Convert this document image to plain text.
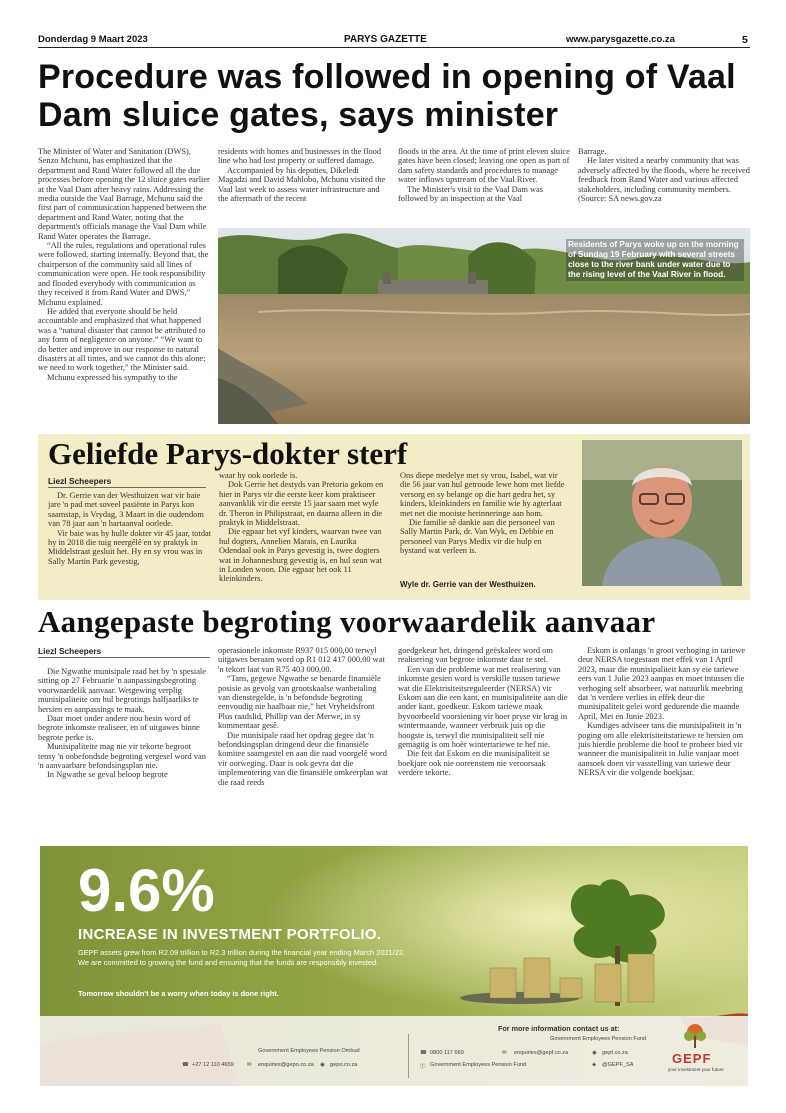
Donderdag 9 Maart 2023	PARYS GAZETTE	www.parysgazette.co.za	5
Procedure was followed in opening of Vaal Dam sluice gates, says minister

The Minister of Water and Sanitation (DWS), Senzo Mchunu, has emphasized that the department and Rand Water followed all the due processes before opening the 12 sluice gates earlier at the Vaal Dam after heavy rains. Addressing the media outside the Vaal Barrage, Mchunu said the first part of communication happened between the department and Rand Water, noting that the department's officials manage the Vaal Dam while Rand Water operates the Barrage.

“All the rules, regulations and operational rules were followed, starting internally. Beyond that, the chairperson of the community said all lines of communication were open. He took responsibility and flooded everybody with communication as they received it from Rand Water and DWS,” Mchunu explained.

He added that everyone should be held accountable and emphasized that what happened was a “natural disaster that cannot be attributed to any form of negligence on anyone.” “We want to do better and improve in our response to natural disasters at all times, and we cannot do this alone; we need to work together,” the Minister said.

Mchunu expressed his sympathy to the

residents with homes and businesses in the flood line who had lost property or suffered damage.

Accompanied by his deputies, Dikeledi Magadzi and David Mahlobo, Mchunu visited the Vaal last week to assess water infrastructure and the aftermath of the recent

floods in the area. At the time of print eleven sluice gates have been closed; leaving one open as part of dam safety standards and procedures to manage water inflows upstream of the Vaal River.

The Minister's visit to the Vaal Dam was followed by an inspection at the Vaal

Barrage.

He later visited a nearby community that was adversely affected by the floods, where he received feedback from Rand Water and various affected stakeholders, including community members. (Source: SA news.gov.za

Residents of Parys woke up on the morning of Sundag 19 February with several streets close to the river bank under water due to the rising level of the Vaal River in flood.
Geliefde Parys-dokter sterf
Liezl Scheepers

Dr. Gerrie van der Westhuizen wat vir baie jare 'n pad met soveel pasiënte in Parys kon saamstap, is Vrydag, 3 Maart in die oudendom van 78 jaar aan 'n hartaanval oorlede.

Vir baie was hy hulle dokter vir 45 jaar, totdat hy in 2018 die tuig neergêlê en sy praktyk in Middelstraat gesluit het. Hy en sy vrou was in Sally Martin Park gevestig,

waar hy ook oorlede is.

Dok Gerrie het destyds van Pretoria gekom en hier in Parys vir die eerste keer kom praktiseer aanvanklik vir die eerste 15 jaar saam met wyle dr. Theron in Philipstraat, en daarna alleen in die praktyk in Middelstraat.

Die egpaar het vyf kinders, waarvan twee van hul dogters, Annelien Marais, en Laurika Odendaal ook in Parys gevestig is, twee dogters wat in Johannesburg gevestig is, en hul seun wat in Londen woon. Die egpaar het ook 11 kleinkinders.

Ons diepe medelye met sy vrou, Isabel, wat vir die 56 jaar van hul getroude lewe hom met liefde versorg en sy belange op die hart gedra het, sy kinders, kleinkinders en familie wie hy agterlaat met net die mooiste herinneringe aan hom.

Die familie sê dankie aan die personeel van Sally Martin Park, dr. Van Wyk, en Debbie en personeel van Parys Medix vir die hulp en bystand wat verleen is.

Wyle dr. Gerrie van der Westhuizen.
Aangepaste begroting voorwaardelik aanvaar
Liezl Scheepers

Die Ngwathe munisipale raad het by 'n spesiale sitting op 27 Februarie 'n aanpassingsbegroting voorwaardelik aanvaar. Wetgewing verplig munisipaliteite om hul begrotings halfjaarliks te hersien en aanpassings te maak.

Daar moet onder andere nou besin word of begrote inkomste realiseer, en of uitgawes binne begrote perke is.

Munisipaliteite mag nie vir tekorte begroot tensy 'n onbefondsde begroting vergesel word van 'n aanvaarbare befondsingsplan nie.

In Ngwathe se geval beloop begrote

operasionele inkomste R937 015 000,00 terwyl uitgawes beraam word op R1 012 417 000,00 wat 'n tekort laat van R75 403 000,00.

“Tans, gegewe Ngwathe se benarde finansiële posisie as gevolg van grootskaalse wanbetaling van dienstegelde, is 'n befondsde begroting eenvoudig nie haalbaar nie,” het Vryheidsfront Plus raadslid, Phillip van der Merwe, in sy kommentaar gesê.

Die munisipale raad het opdrag gegee dat 'n befondsingsplan dringend deur die finansiële komitee saamgestel en aan die raad voorgelê word vir oorweging. Daar is ook gevra dat die implementering van die finansiële omkeerplan wat die raad reeds

goedgekeur het, dringend geëskaleer word om realisering van begrote inkomste daar te stel.

Een van die probleme wat met realisering van inkomste gesien word is verskille tussen tariewe wat die Elektrisiteitsreguleerder (NERSA) vir Eskom aan die een kant, en munisipaliteite aan die ander kant, goedkeur. Eskom tariewe maak byvoorbeeld voorsiening vir hoer pryse vir krag in wintermaande, wanneer verbruik juis op die hoogste is, terwyl die munisipaliteit self nie gemagtig is om hoër wintertariewe te hef nie.

Die feit dat Eskom en die munisipaliteit se boekjare ook nie ooreenstem nie veroorsaak verdere tekorte.

Eskom is onlangs 'n groot verhoging in tariewe deur NERSA toegestaan met effek van 1 April 2023, maar die munisipaliteit kan sy eie tariewe eers van 1 Julie 2023 aanpas en moet intussen die verhoging self absorbeer, wat natuurlik meebring dat 'n verdere verlies in effek deur die munisipaliteit gelei word gedurende die maande April, Mei en Junie 2023.

Kundiges adviseer tans die munisipaliteit in 'n poging om alle elektrisiteitstariewe te hersien om juis hierdie probleme die hoof te probeer bied vir wanneer die munisipaliteit in Julie vanjaar moet aansoek doen vir vasstelling van tariewe deur NERSA vir die volgende boekjaar.

9.6%
INCREASE IN INVESTMENT PORTFOLIO.
GEPF assets grew from R2.09 trillion to R2.3 trillion during the financial year ending March 2021/22. We are committed to growing the fund and ensuring that the funds are responsibly invested.
Tomorrow shouldn't be a worry when today is done right.
For more information contact us at:
Government Employees Pension Fund
Government Employees Pension Ombud
☎ +27 12 110 4659 ✉ enquiries@gepo.co.za ◉ gepo.co.za
☎ 0800 117 669	✉ enquiries@gepf.co.za	◉ gepf.co.za
Ⓣ Government Employees Pension Fund	◈ @GEPF_SA	GEPF
your investment your future
